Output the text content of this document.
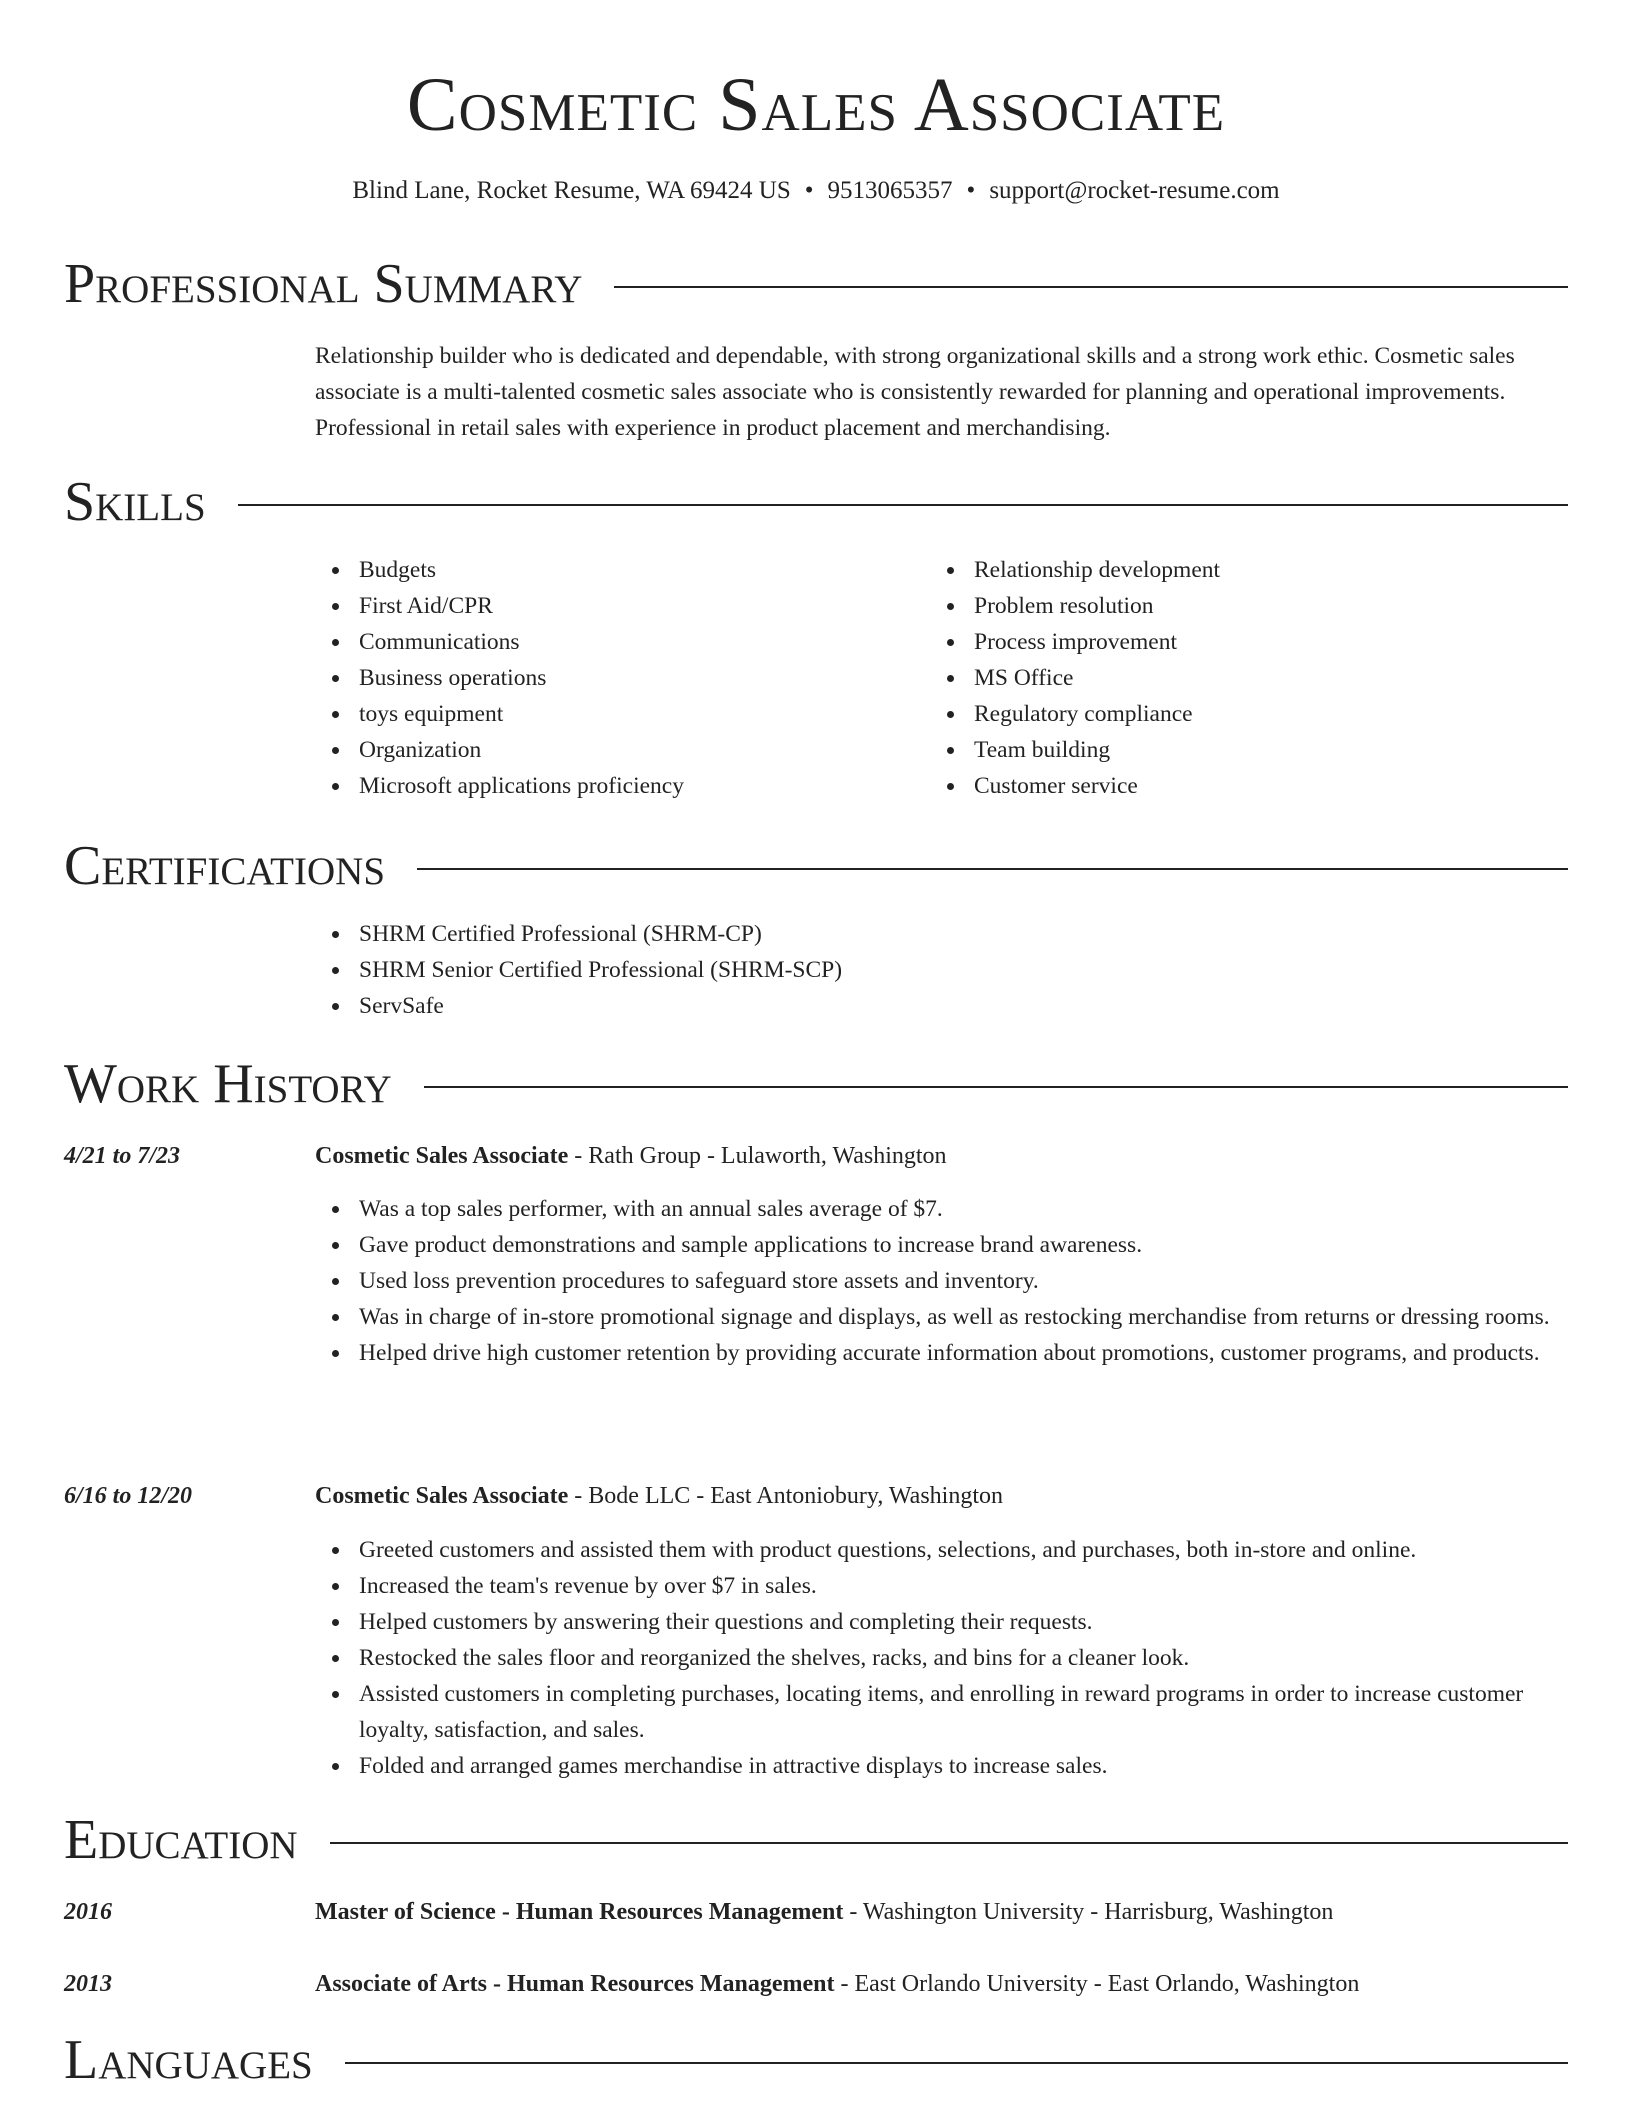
Cosmetic Sales Associate
Blind Lane, Rocket Resume, WA 69424 US • 9513065357 • support@rocket-resume.com
Professional Summary
Relationship builder who is dedicated and dependable, with strong organizational skills and a strong work ethic. Cosmetic sales associate is a multi-talented cosmetic sales associate who is consistently rewarded for planning and operational improvements. Professional in retail sales with experience in product placement and merchandising.
Skills
Budgets
First Aid/CPR
Communications
Business operations
toys equipment
Organization
Microsoft applications proficiency
Relationship development
Problem resolution
Process improvement
MS Office
Regulatory compliance
Team building
Customer service
Certifications
SHRM Certified Professional (SHRM-CP)
SHRM Senior Certified Professional (SHRM-SCP)
ServSafe
Work History
4/21 to 7/23	Cosmetic Sales Associate - Rath Group - Lulaworth, Washington
Was a top sales performer, with an annual sales average of $7.
Gave product demonstrations and sample applications to increase brand awareness.
Used loss prevention procedures to safeguard store assets and inventory.
Was in charge of in-store promotional signage and displays, as well as restocking merchandise from returns or dressing rooms.
Helped drive high customer retention by providing accurate information about promotions, customer programs, and products.
6/16 to 12/20	Cosmetic Sales Associate - Bode LLC - East Antoniobury, Washington
Greeted customers and assisted them with product questions, selections, and purchases, both in-store and online.
Increased the team's revenue by over $7 in sales.
Helped customers by answering their questions and completing their requests.
Restocked the sales floor and reorganized the shelves, racks, and bins for a cleaner look.
Assisted customers in completing purchases, locating items, and enrolling in reward programs in order to increase customer loyalty, satisfaction, and sales.
Folded and arranged games merchandise in attractive displays to increase sales.
Education
2016	Master of Science - Human Resources Management - Washington University - Harrisburg, Washington
2013	Associate of Arts - Human Resources Management - East Orlando University - East Orlando, Washington
Languages
